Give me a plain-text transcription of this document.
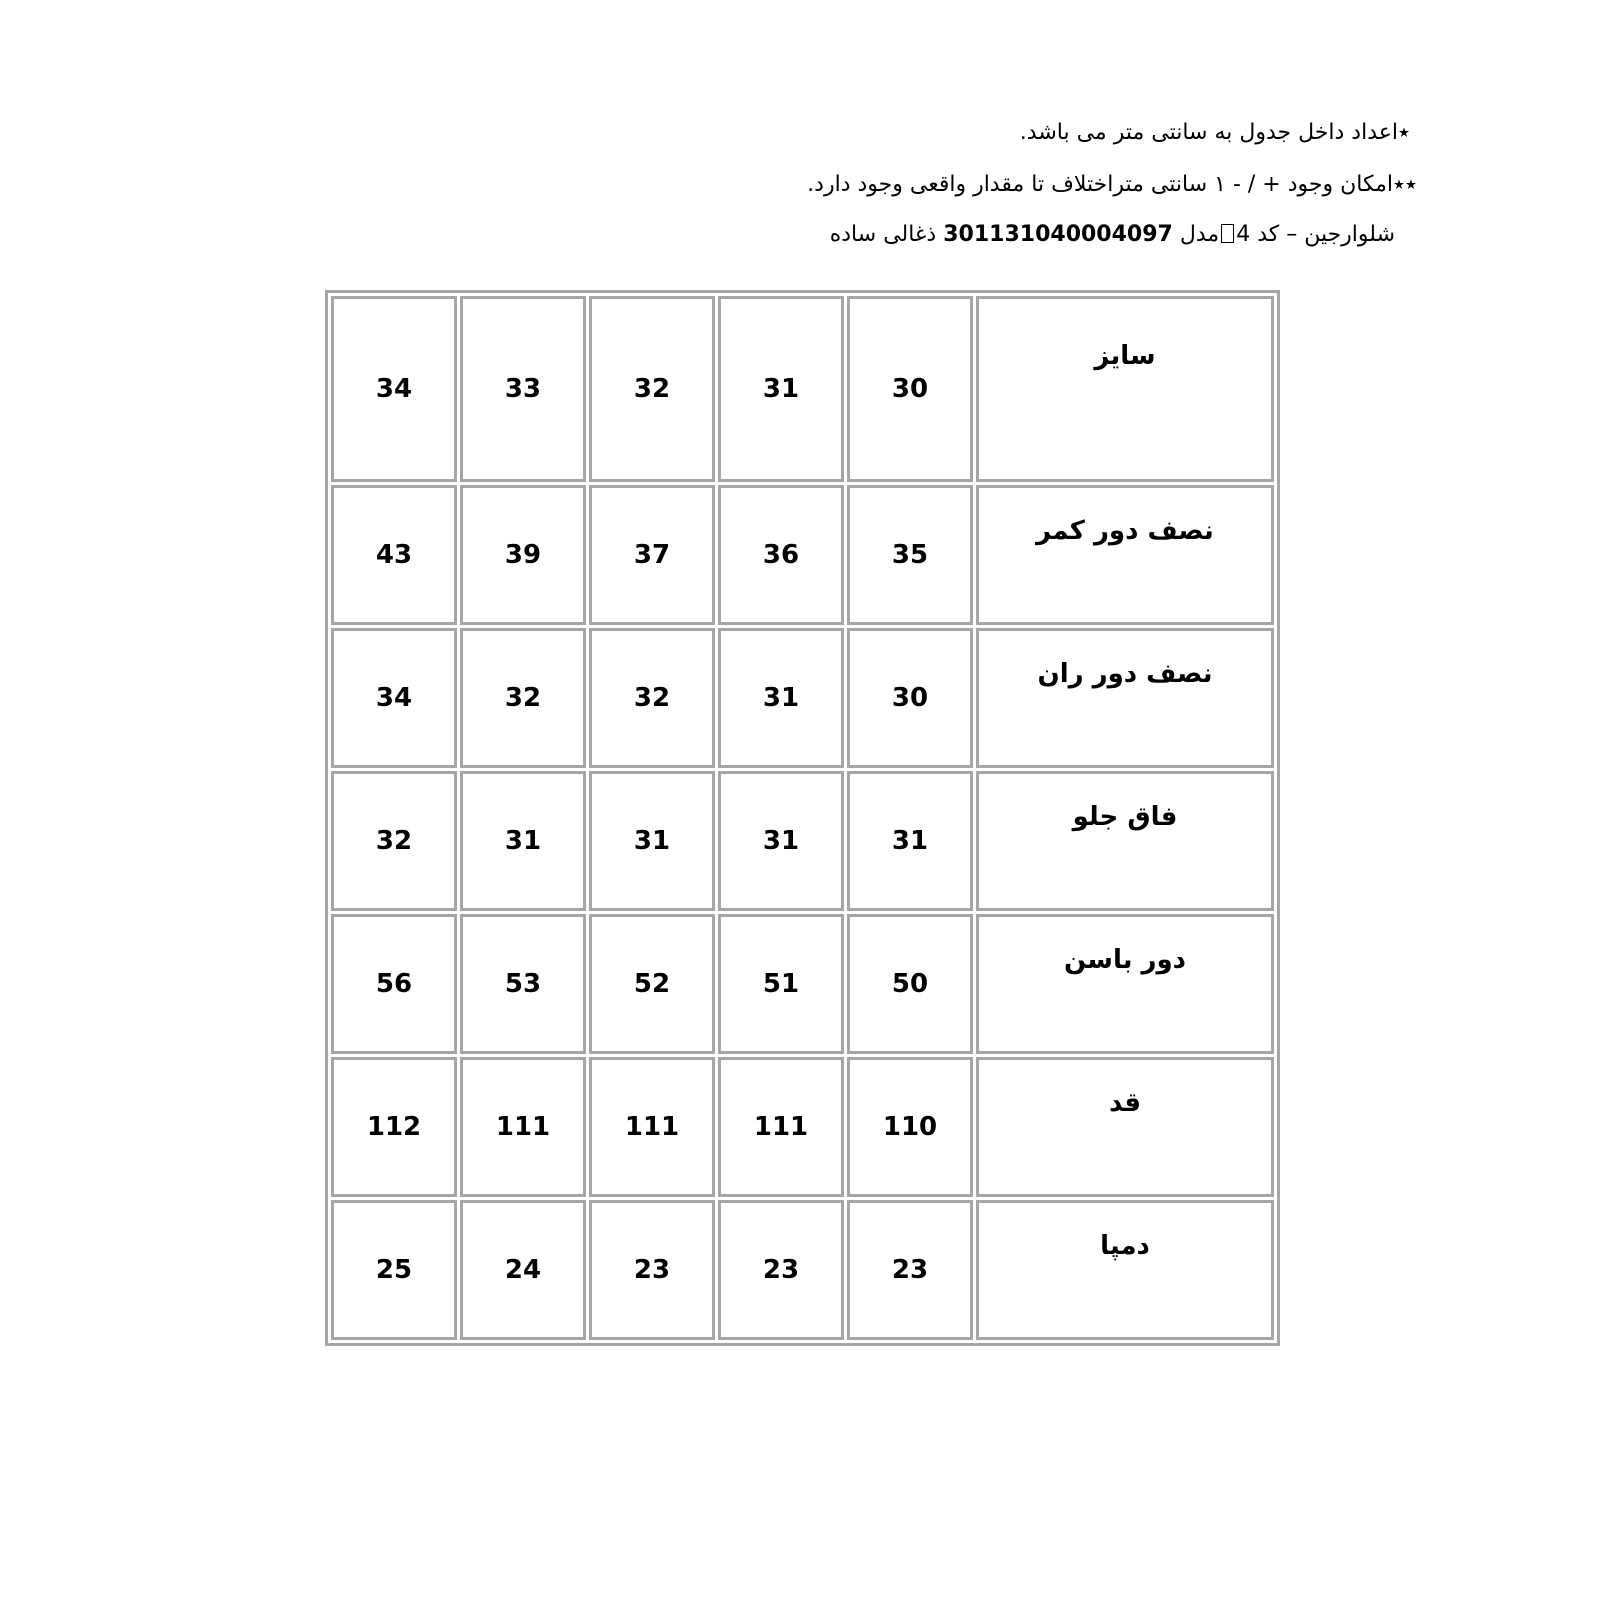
٭اعداد داخل جدول به سانتی متر می باشد.
٭٭امکان وجود + / - ۱ سانتی متراختلاف تا مقدار واقعی وجود دارد.
شلوارجین – کد 4مدل 301131040004097 ذغالی ساده
سایز	30	31	32	33	34
نصف دور کمر	35	36	37	39	43
نصف دور ران	30	31	32	32	34
فاق جلو	31	31	31	31	32
دور باسن	50	51	52	53	56
قد	110	111	111	111	112
دمپا	23	23	23	24	25
